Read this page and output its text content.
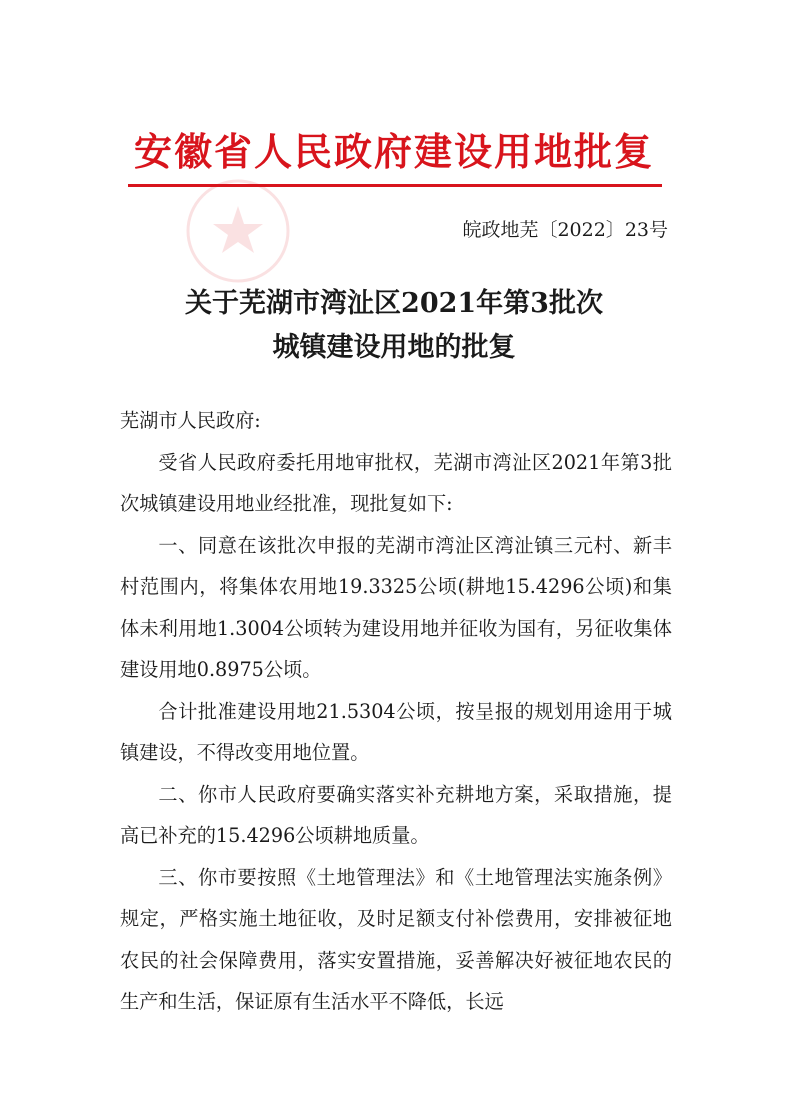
安徽省人民政府建设用地批复
皖政地芜〔2022〕23号
关于芜湖市湾沚区2021年第3批次
城镇建设用地的批复

芜湖市人民政府:

受省人民政府委托用地审批权，芜湖市湾沚区2021年第3批次城镇建设用地业经批准，现批复如下:

一、同意在该批次申报的芜湖市湾沚区湾沚镇三元村、新丰村范围内，将集体农用地19.3325公顷(耕地15.4296公顷)和集体未利用地1.3004公顷转为建设用地并征收为国有，另征收集体建设用地0.8975公顷。

合计批准建设用地21.5304公顷，按呈报的规划用途用于城镇建设，不得改变用地位置。

二、你市人民政府要确实落实补充耕地方案，采取措施，提高已补充的15.4296公顷耕地质量。

三、你市要按照《土地管理法》和《土地管理法实施条例》规定，严格实施土地征收，及时足额支付补偿费用，安排被征地农民的社会保障费用，落实安置措施，妥善解决好被征地农民的生产和生活，保证原有生活水平不降低，长远
